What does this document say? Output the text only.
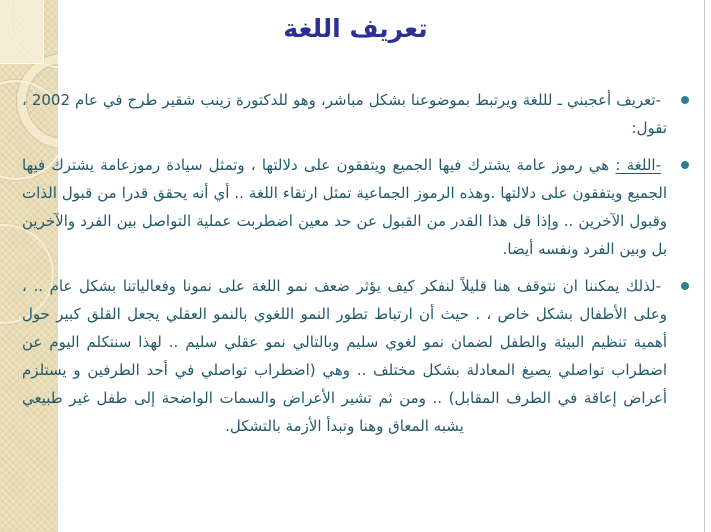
تعريف اللغة
-تعريف أعجبني ـ لللغة ويرتبط بموضوعنا بشكل مباشر، وهو للدكتورة زينب شقير طرح في عام 2002 ، تقول:
-اللغة : هي رموز عامة يشترك فيها الجميع ويتفقون على دلالتها ، وتمثل سيادة رموزعامة يشترك فيها الجميع ويتفقون على دلالتها .وهذه الرموز الجماعية تمثل ارتقاء اللغة .. أي أنه يحقق قدرا من قبول الذات وقبول الآخرين .. وإذا قل هذا القدر من القبول عن حد معين اضطربت عملية التواصل بين الفرد والآخرين بل وبين الفرد ونفسه أيضا.
-لذلك يمكننا ان نتوقف هنا قليلاً لنفكر كيف يؤثر ضعف نمو اللغة على نمونا وفعالياتنا بشكل عام .. ، وعلى الأطفال بشكل خاص ، . حيث أن ارتباط تطور النمو اللغوي بالنمو العقلي يجعل القلق كبير حول أهمية تنظيم البيئة والطفل لضمان نمو لغوي سليم وبالتالي نمو عقلي سليم .. لهذا سنتكلم اليوم عن اضطراب تواصلي يصيغ المعادلة بشكل مختلف .. وهي (اضطراب تواصلي في أحد الطرفين و يستلزم أعراض إعاقة في الطرف المقابل) .. ومن ثم تشير الأعراض والسمات الواضحة إلى طفل غير طبيعي يشبه المعاق وهنا وتبدأ الأزمة بالتشكل.
